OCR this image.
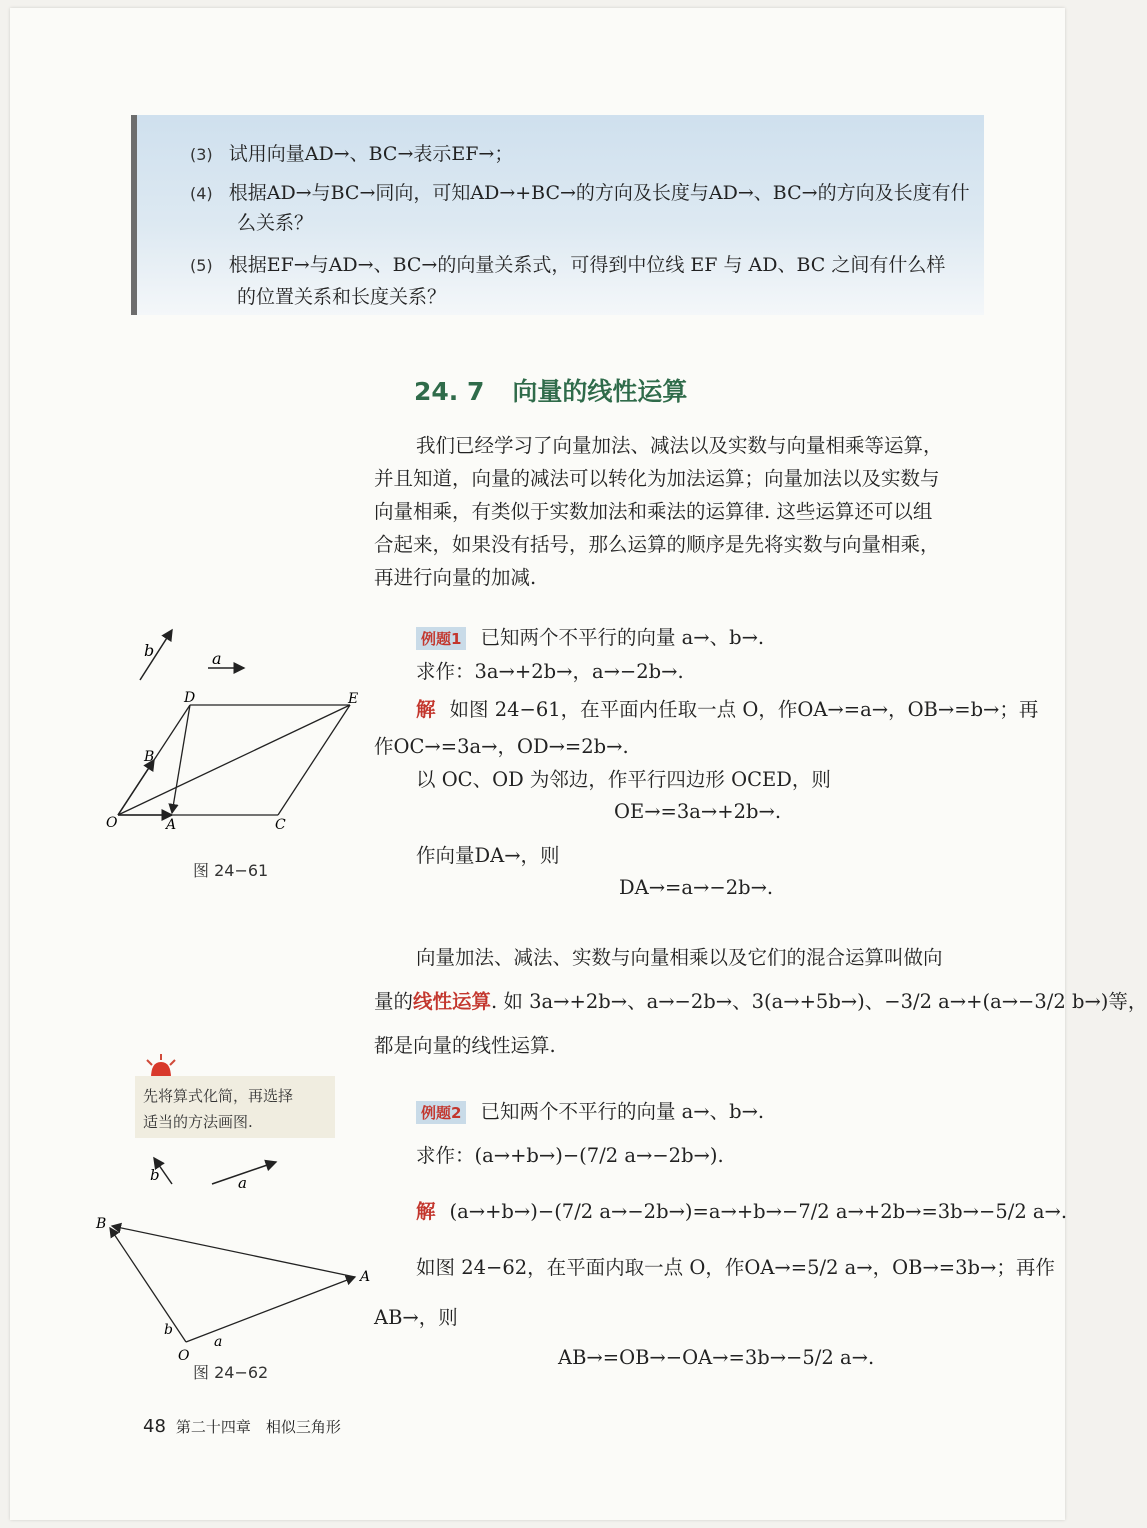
(3) 试用向量AD→、BC→表示EF→；
(4) 根据AD→与BC→同向，可知AD→+BC→的方向及长度与AD→、BC→的方向及长度有什
么关系？
(5) 根据EF→与AD→、BC→的向量关系式，可得到中位线 EF 与 AD、BC 之间有什么样
的位置关系和长度关系？
24. 7 向量的线性运算
我们已经学习了向量加法、减法以及实数与向量相乘等运算，
并且知道，向量的减法可以转化为加法运算；向量加法以及实数与
向量相乘，有类似于实数加法和乘法的运算律. 这些运算还可以组
合起来，如果没有括号，那么运算的顺序是先将实数与向量相乘，
再进行向量的加减.
例题1 已知两个不平行的向量 a→、b→.
求作：3a→+2b→，a→−2b→.
解 如图 24−61，在平面内任取一点 O，作OA→=a→，OB→=b→；再
作OC→=3a→，OD→=2b→.
以 OC、OD 为邻边，作平行四边形 OCED，则
OE→=3a→+2b→.
作向量DA→，则
DA→=a→−2b→.
向量加法、减法、实数与向量相乘以及它们的混合运算叫做向
量的线性运算. 如 3a→+2b→、a→−2b→、3(a→+5b→)、−3/2 a→+(a→−3/2 b→)等，
都是向量的线性运算.
例题2 已知两个不平行的向量 a→、b→.
求作：(a→+b→)−(7/2 a→−2b→).
解 (a→+b→)−(7/2 a→−2b→)=a→+b→−7/2 a→+2b→=3b→−5/2 a→.
如图 24−62，在平面内取一点 O，作OA→=5/2 a→，OB→=3b→；再作
AB→，则
AB→=OB→−OA→=3b→−5/2 a→.
b	a
O	A
B
C
D	E
图 24−61
先将算式化简，再选择
适当的方法画图.
b	a
O
A
B
b
a
图 24−62
48 第二十四章　相似三角形
